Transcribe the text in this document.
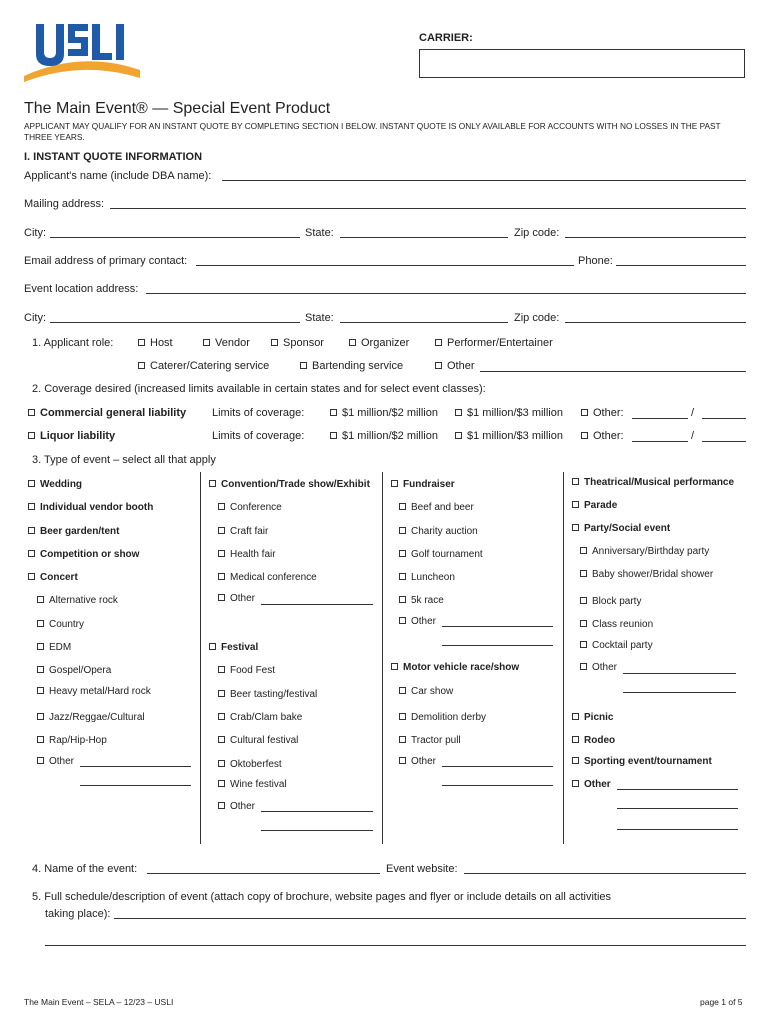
CARRIER:
The Main Event® — Special Event Product
APPLICANT MAY QUALIFY FOR AN INSTANT QUOTE BY COMPLETING SECTION I BELOW. INSTANT QUOTE IS ONLY AVAILABLE FOR ACCOUNTS WITH NO LOSSES IN THE PAST THREE YEARS.
I. INSTANT QUOTE INFORMATION
Applicant's name (include DBA name):
Mailing address:
City:	State:	Zip code:
Email address of primary contact:	Phone:
Event location address:
City:	State:	Zip code:
1. Applicant role:	Host	Vendor	Sponsor	Organizer	Performer/Entertainer
Caterer/Catering service	Bartending service	Other
2. Coverage desired (increased limits available in certain states and for select event classes):
Commercial general liability Limits of coverage:	$1 million/$2 million	$1 million/$3 million	Other:	/
Liquor liability	Limits of coverage:	$1 million/$2 million	$1 million/$3 million	Other:	/
3. Type of event – select all that apply
Wedding
Individual vendor booth
Beer garden/tent
Competition or show
Concert
Alternative rock
Country
EDM
Gospel/Opera
Heavy metal/Hard rock
Jazz/Reggae/Cultural
Rap/Hip-Hop
Other
Convention/Trade show/Exhibit
Conference
Craft fair
Health fair
Medical conference
Other
Festival
Food Fest
Beer tasting/festival
Crab/Clam bake
Cultural festival
Oktoberfest
Wine festival
Other
Fundraiser
Beef and beer
Charity auction
Golf tournament
Luncheon
5k race
Other
Motor vehicle race/show
Car show
Demolition derby
Tractor pull
Other
Theatrical/Musical performance
Parade
Party/Social event
Anniversary/Birthday party
Baby shower/Bridal shower
Block party
Class reunion
Cocktail party
Other
Picnic
Rodeo
Sporting event/tournament
Other
4. Name of the event:	Event website:
5. Full schedule/description of event (attach copy of brochure, website pages and flyer or include details on all activities
taking place):
The Main Event – SELA – 12/23 – USLI	page 1 of 5
